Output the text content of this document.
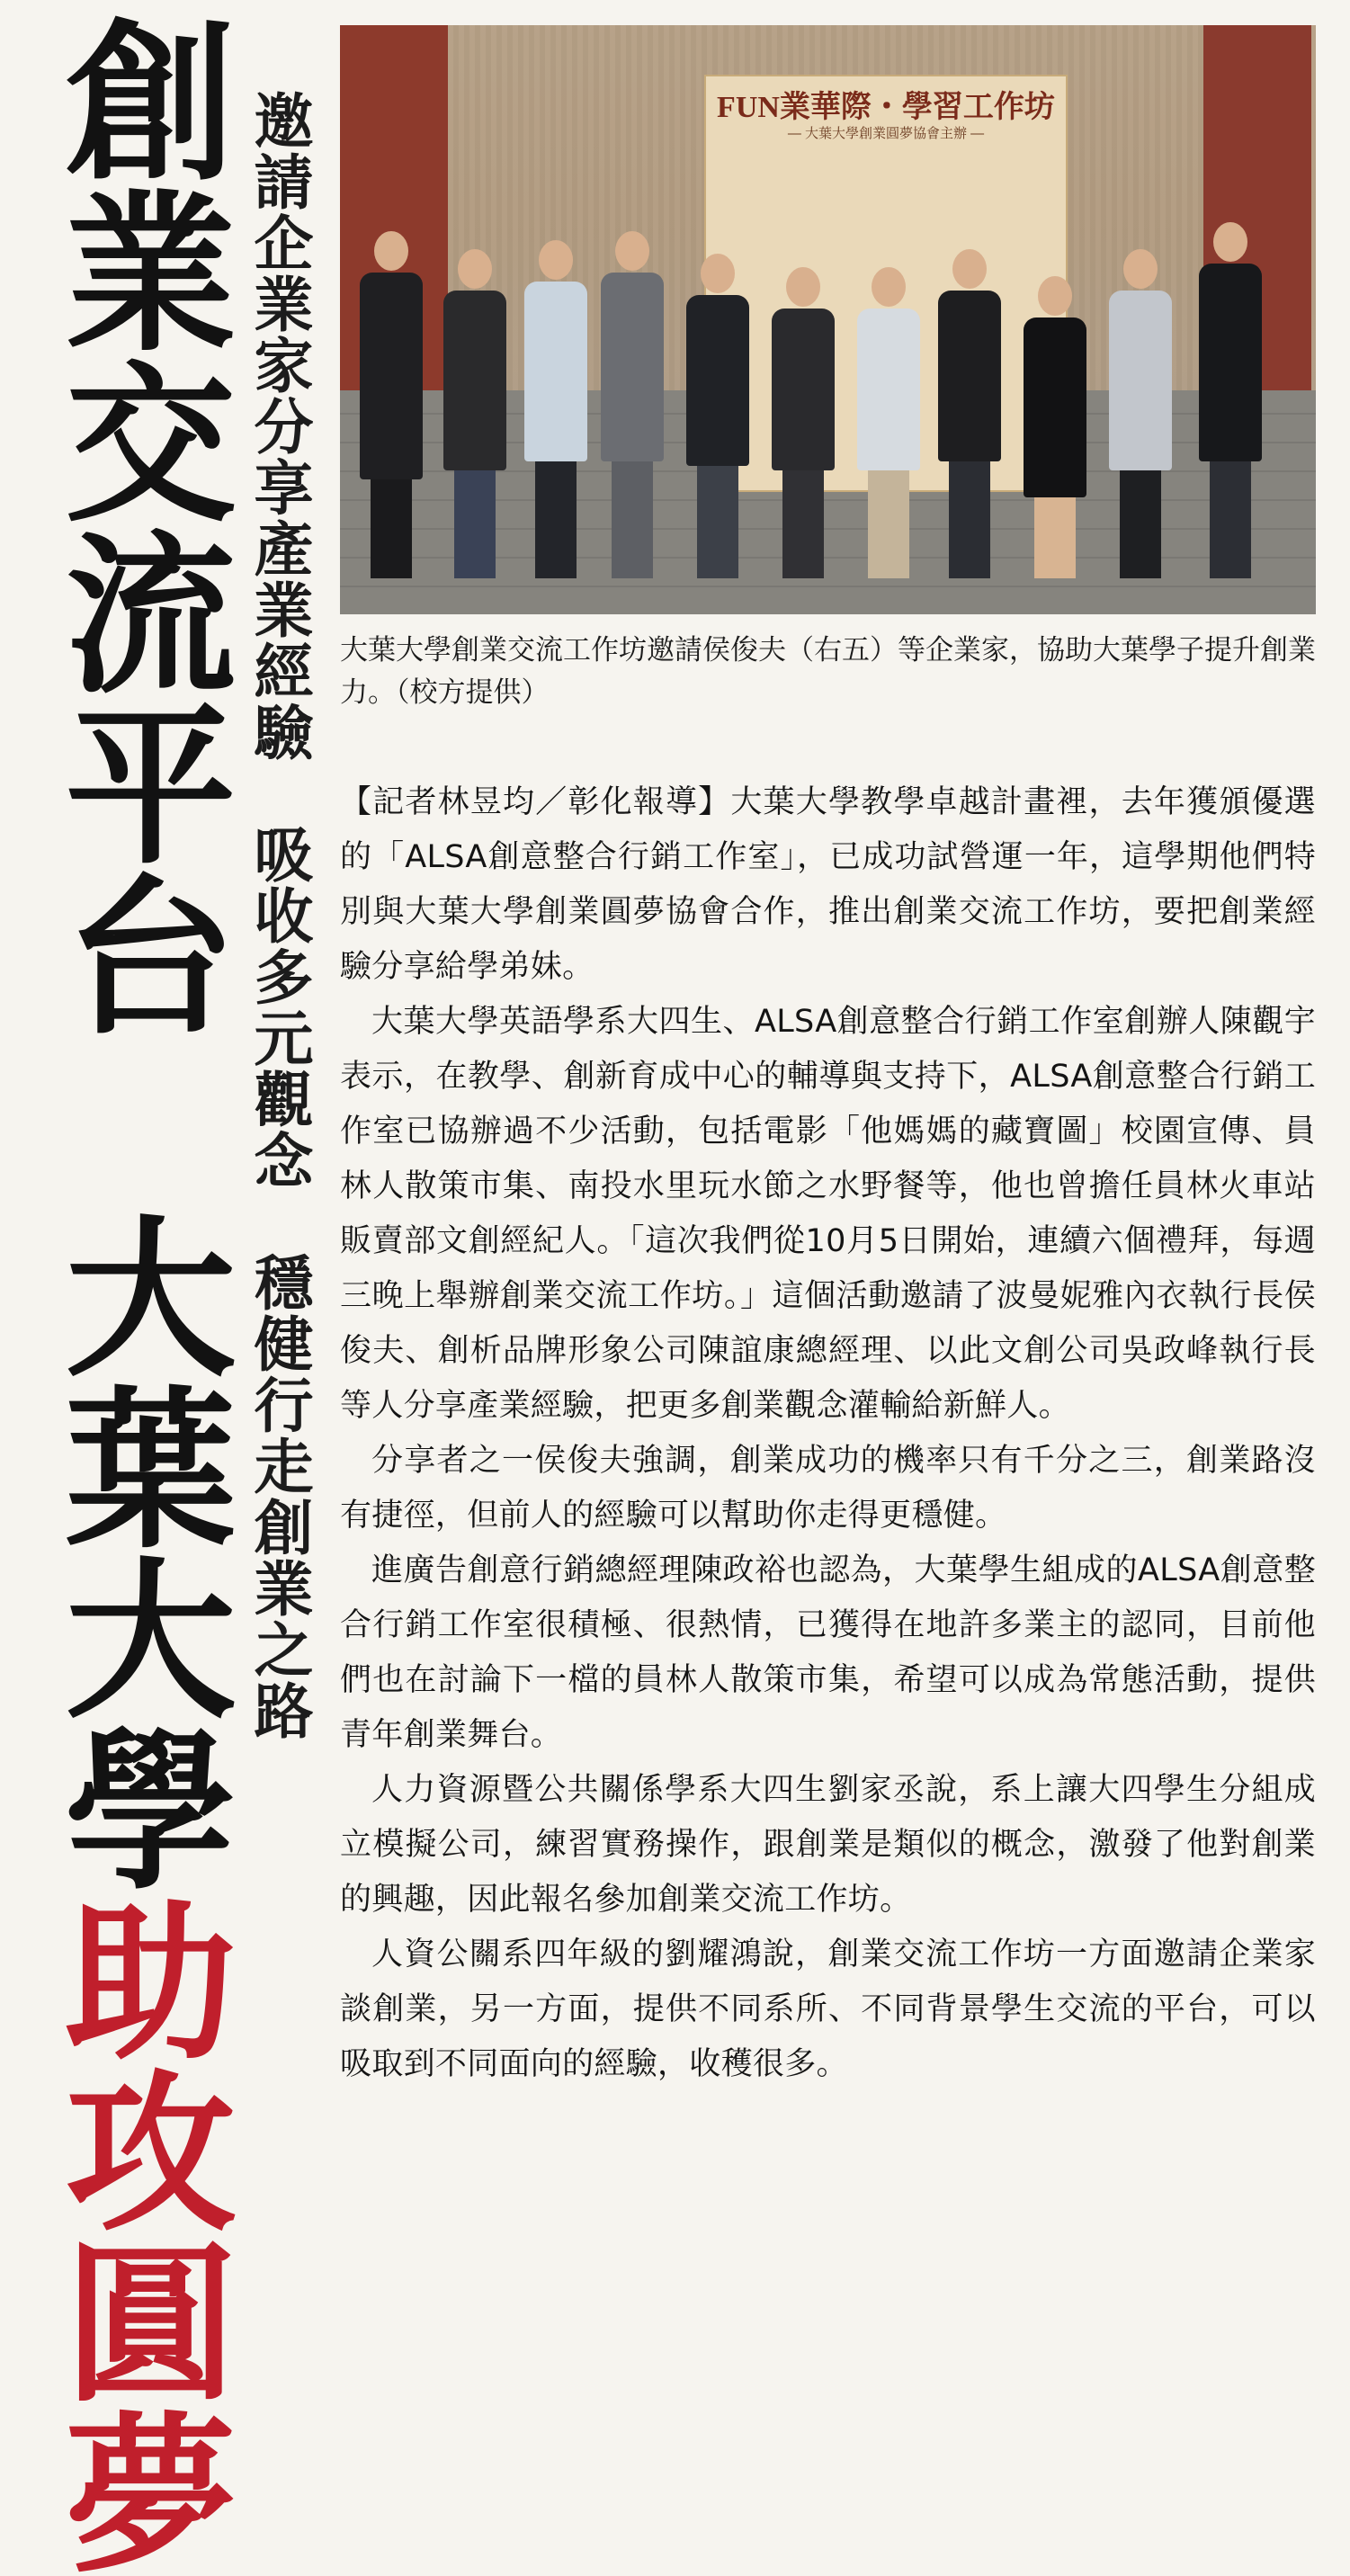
創業交流平台　大葉大學助攻圓夢
邀請企業家分享產業經驗　吸收多元觀念　穩健行走創業之路	FUN業華際・學習工作坊
— 大葉大學創業圓夢協會主辦 —
大葉大學創業交流工作坊邀請侯俊夫（右五）等企業家，協助大葉學子提升創業力。（校方提供）

【記者林昱均／彰化報導】大葉大學教學卓越計畫裡，去年獲頒優選的「ALSA創意整合行銷工作室」，已成功試營運一年，這學期他們特別與大葉大學創業圓夢協會合作，推出創業交流工作坊，要把創業經驗分享給學弟妹。

大葉大學英語學系大四生、ALSA創意整合行銷工作室創辦人陳觀宇表示，在教學、創新育成中心的輔導與支持下，ALSA創意整合行銷工作室已協辦過不少活動，包括電影「他媽媽的藏寶圖」校園宣傳、員林人散策市集、南投水里玩水節之水野餐等，他也曾擔任員林火車站販賣部文創經紀人。「這次我們從10月5日開始，連續六個禮拜，每週三晚上舉辦創業交流工作坊。」這個活動邀請了波曼妮雅內衣執行長侯俊夫、創析品牌形象公司陳誼康總經理、以此文創公司吳政峰執行長等人分享產業經驗，把更多創業觀念灌輸給新鮮人。

分享者之一侯俊夫強調，創業成功的機率只有千分之三，創業路沒有捷徑，但前人的經驗可以幫助你走得更穩健。

進廣告創意行銷總經理陳政裕也認為，大葉學生組成的ALSA創意整合行銷工作室很積極、很熱情，已獲得在地許多業主的認同，目前他們也在討論下一檔的員林人散策市集，希望可以成為常態活動，提供青年創業舞台。

人力資源暨公共關係學系大四生劉家丞說，系上讓大四學生分組成立模擬公司，練習實務操作，跟創業是類似的概念，激發了他對創業的興趣，因此報名參加創業交流工作坊。

人資公關系四年級的劉耀鴻說，創業交流工作坊一方面邀請企業家談創業，另一方面，提供不同系所、不同背景學生交流的平台，可以吸取到不同面向的經驗，收穫很多。
